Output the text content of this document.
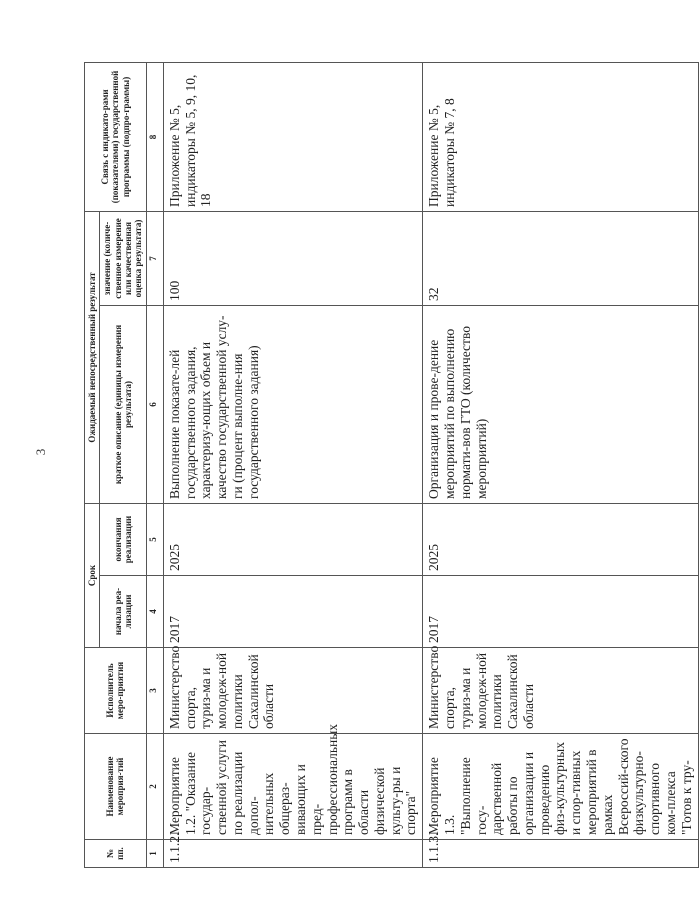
3
№ пп.	Наименование мероприя-тий	Исполнитель меро-приятия	Срок		Ожидаемый непосредственный результат		Связь с индикато-рами (показателями) государственной программы (подпро-граммы)
			начала реа-лизации	окончания реализации	краткое описание (единицы измерения результата)	значение (количе-ственное измерение или качественная оценка результата)	
1	2	3	4	5	6	7	8
1.1.2.	Мероприятие 1.2. "Оказание государ-ственной услуги по реализации допол-нительных общераз-вивающих и пред-профессиональных программ в области физической культу-ры и спорта"	Министерство спорта, туриз-ма и молодеж-ной политики Сахалинской области	2017	2025	Выполнение показате-лей государственного задания, характеризу-ющих объем и качество государственной услу-ги (процент выполне-ния государственного задания)	100	Приложение № 5, индикаторы № 5, 9, 10, 18
1.1.3.	Мероприятие 1.3. "Выполнение госу-дарственной работы по организации и проведению физ-культурных и спор-тивных мероприятий в рамках Всероссий-ского физкультурно-спортивного ком-плекса "Готов к тру-	Министерство спорта, туриз-ма и молодеж-ной политики Сахалинской области	2017	2025	Организация и прове-дение мероприятий по выполнению нормати-вов ГТО (количество мероприятий)	32	Приложение № 5, индикаторы № 7, 8
